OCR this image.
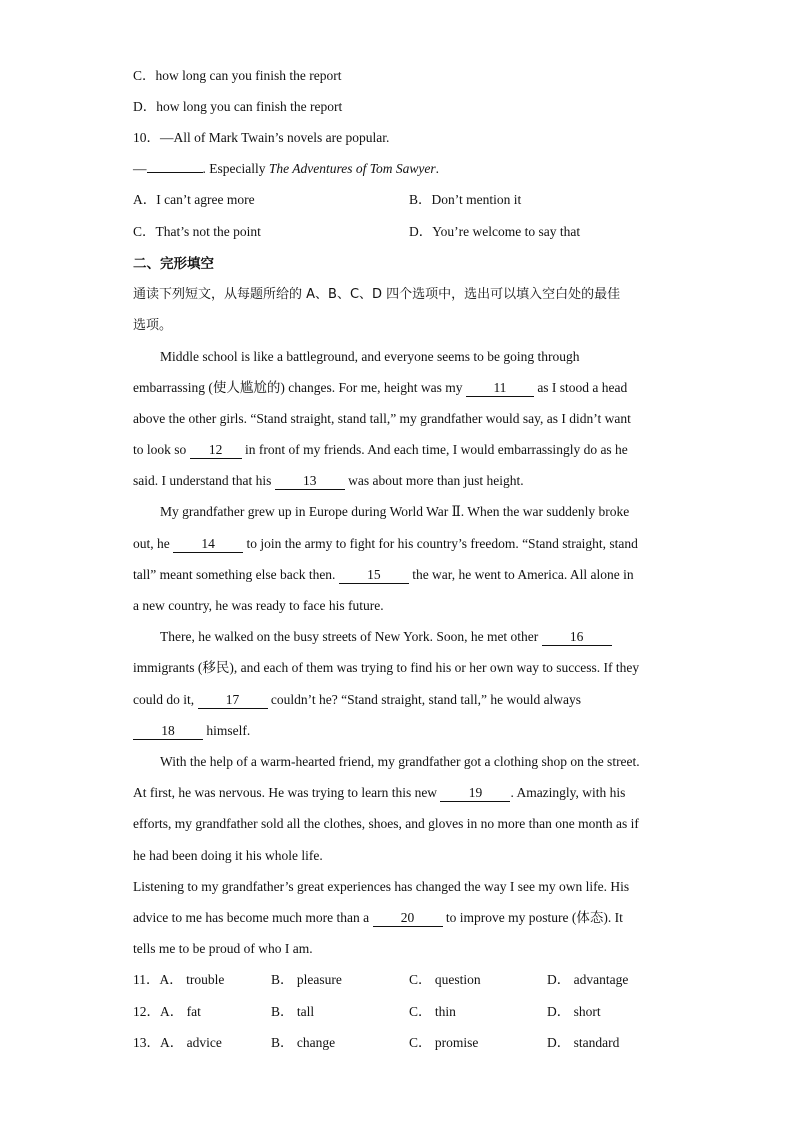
C．how long can you finish the report
D．how long you can finish the report
10．—All of Mark Twain’s novels are popular.
—	. Especially The Adventures of Tom Sawyer.
A．I can’t agree more	B．Don’t mention it
C．That’s not the point	D．You’re welcome to say that
二、完形填空
通读下列短文，从每题所给的 A、B、C、D 四个选项中，选出可以填入空白处的最佳
选项。
Middle school is like a battleground, and everyone seems to be going through
embarrassing (使人尴尬的) changes. For me, height was my 11 as I stood a head
above the other girls. “Stand straight, stand tall,” my grandfather would say, as I didn’t want
to look so 12 in front of my friends. And each time, I would embarrassingly do as he
said. I understand that his 13 was about more than just height.
My grandfather grew up in Europe during World War Ⅱ. When the war suddenly broke
out, he 14 to join the army to fight for his country’s freedom. “Stand straight, stand
tall” meant something else back then. 15 the war, he went to America. All alone in
a new country, he was ready to face his future.
There, he walked on the busy streets of New York. Soon, he met other 16
immigrants (移民), and each of them was trying to find his or her own way to success. If they
could do it, 17 couldn’t he? “Stand straight, stand tall,” he would always
18 himself.
With the help of a warm-hearted friend, my grandfather got a clothing shop on the street.
At first, he was nervous. He was trying to learn this new 19 . Amazingly, with his
efforts, my grandfather sold all the clothes, shoes, and gloves in no more than one month as if
he had been doing it his whole life.
Listening to my grandfather’s great experiences has changed the way I see my own life. His
advice to me has become much more than a 20 to improve my posture (体态). It
tells me to be proud of who I am.
11．A． trouble	B． pleasure	C． question	D． advantage
12．A． fat	B． tall	C． thin	D． short
13．A． advice	B． change	C． promise	D． standard
